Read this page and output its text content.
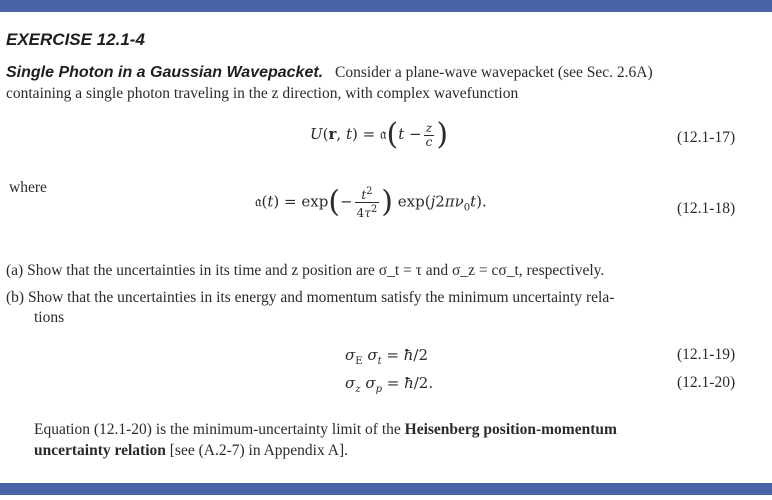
EXERCISE 12.1-4
Single Photon in a Gaussian Wavepacket. Consider a plane-wave wavepacket (see Sec. 2.6A)
containing a single photon traveling in the z direction, with complex wavefunction
U(r, t) = 𝔞(t − $\frac{z}{c}$ )	(12.1-17)
where
𝔞(t) = $\exp(- \frac{t^2}{4\tau^2}$ ) $\exp(j2\pi\nu_0t)$.	(12.1-18)
(a) Show that the uncertainties in its time and z position are σ_t = τ and σ_z = cσ_t, respectively.
(b) Show that the uncertainties in its energy and momentum satisfy the minimum uncertainty rela-
tions
$\sigma_E$ $\sigma_t$ = ħ/2	(12.1-19)
$\sigma_z$ $\sigma_p$ = ħ/2.	(12.1-20)
Equation (12.1-20) is the minimum-uncertainty limit of the Heisenberg position-momentum
uncertainty relation [see (A.2-7) in Appendix A].
